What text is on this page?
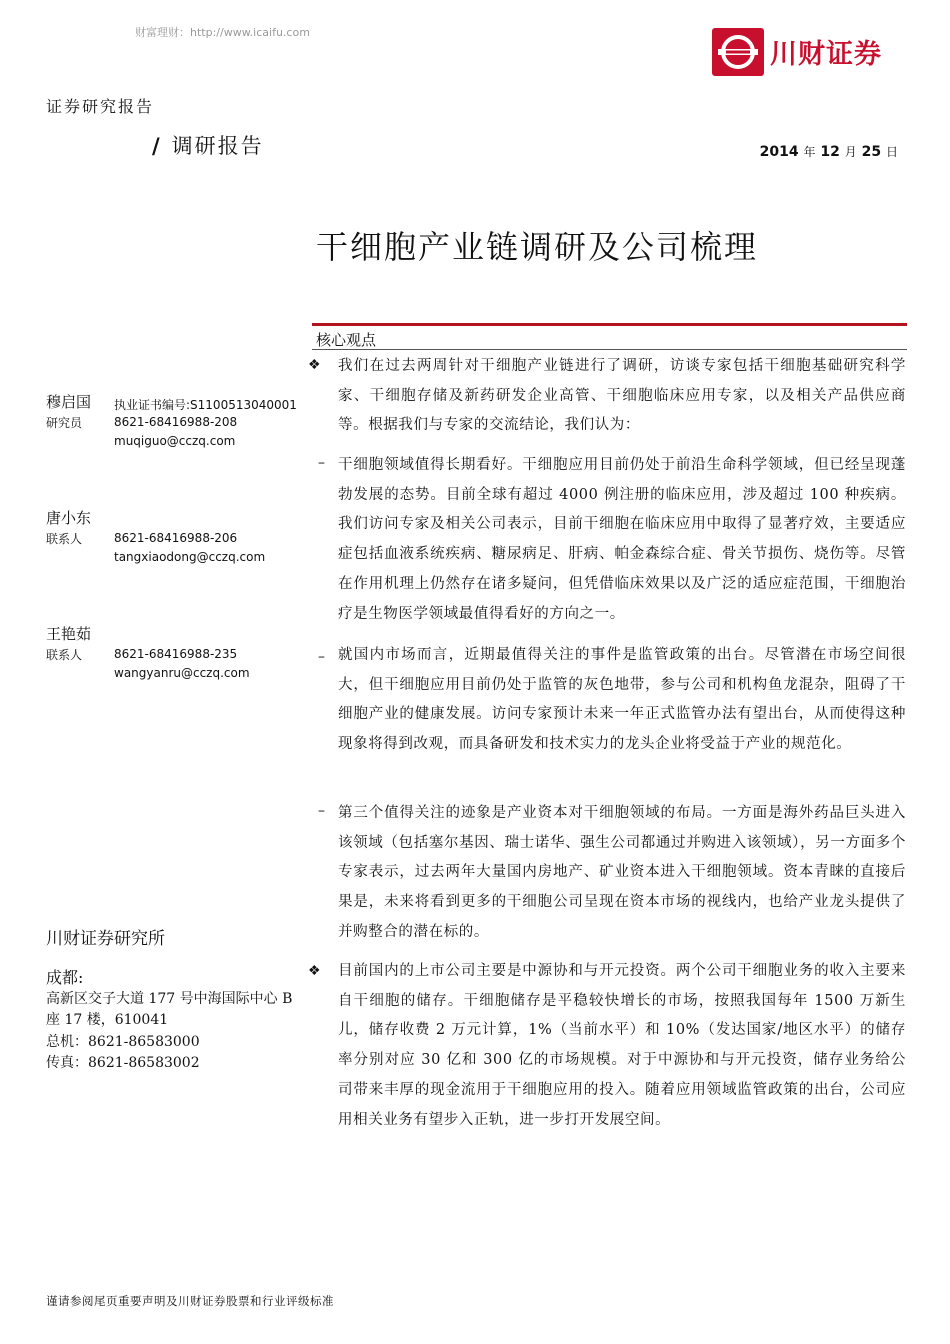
财富理财：http://www.icaifu.com
川财证券
证券研究报告
/ 调研报告	2014 年 12 月 25 日
干细胞产业链调研及公司梳理
核心观点
穆启国
研究员
执业证书编号:S1100513040001
8621-68416988-208
muqiguo@cczq.com
唐小东
联系人	8621-68416988-206
tangxiaodong@cczq.com
王艳茹
联系人	8621-68416988-235
wangyanru@cczq.com
川财证券研究所
成都:
高新区交子大道 177 号中海国际中心 B 座 17 楼，610041
总机：8621-86583000
传真：8621-86583002
❖ 我们在过去两周针对干细胞产业链进行了调研，访谈专家包括干细胞基础研究科学家、干细胞存储及新药研发企业高管、干细胞临床应用专家，以及相关产品供应商等。根据我们与专家的交流结论，我们认为：
– 干细胞领域值得长期看好。干细胞应用目前仍处于前沿生命科学领域，但已经呈现蓬勃发展的态势。目前全球有超过 4000 例注册的临床应用，涉及超过 100 种疾病。我们访问专家及相关公司表示，目前干细胞在临床应用中取得了显著疗效，主要适应症包括血液系统疾病、糖尿病足、肝病、帕金森综合症、骨关节损伤、烧伤等。尽管在作用机理上仍然存在诸多疑问，但凭借临床效果以及广泛的适应症范围，干细胞治疗是生物医学领域最值得看好的方向之一。
– 就国内市场而言，近期最值得关注的事件是监管政策的出台。尽管潜在市场空间很大，但干细胞应用目前仍处于监管的灰色地带，参与公司和机构鱼龙混杂，阻碍了干细胞产业的健康发展。访问专家预计未来一年正式监管办法有望出台，从而使得这种现象将得到改观，而具备研发和技术实力的龙头企业将受益于产业的规范化。
– 第三个值得关注的迹象是产业资本对干细胞领域的布局。一方面是海外药品巨头进入该领域（包括塞尔基因、瑞士诺华、强生公司都通过并购进入该领域），另一方面多个专家表示，过去两年大量国内房地产、矿业资本进入干细胞领域。资本青睐的直接后果是，未来将看到更多的干细胞公司呈现在资本市场的视线内，也给产业龙头提供了并购整合的潜在标的。
❖ 目前国内的上市公司主要是中源协和与开元投资。两个公司干细胞业务的收入主要来自干细胞的储存。干细胞储存是平稳较快增长的市场，按照我国每年 1500 万新生儿，储存收费 2 万元计算，1%（当前水平）和 10%（发达国家/地区水平）的储存率分别对应 30 亿和 300 亿的市场规模。对于中源协和与开元投资，储存业务给公司带来丰厚的现金流用于干细胞应用的投入。随着应用领域监管政策的出台，公司应用相关业务有望步入正轨，进一步打开发展空间。
谨请参阅尾页重要声明及川财证券股票和行业评级标准
